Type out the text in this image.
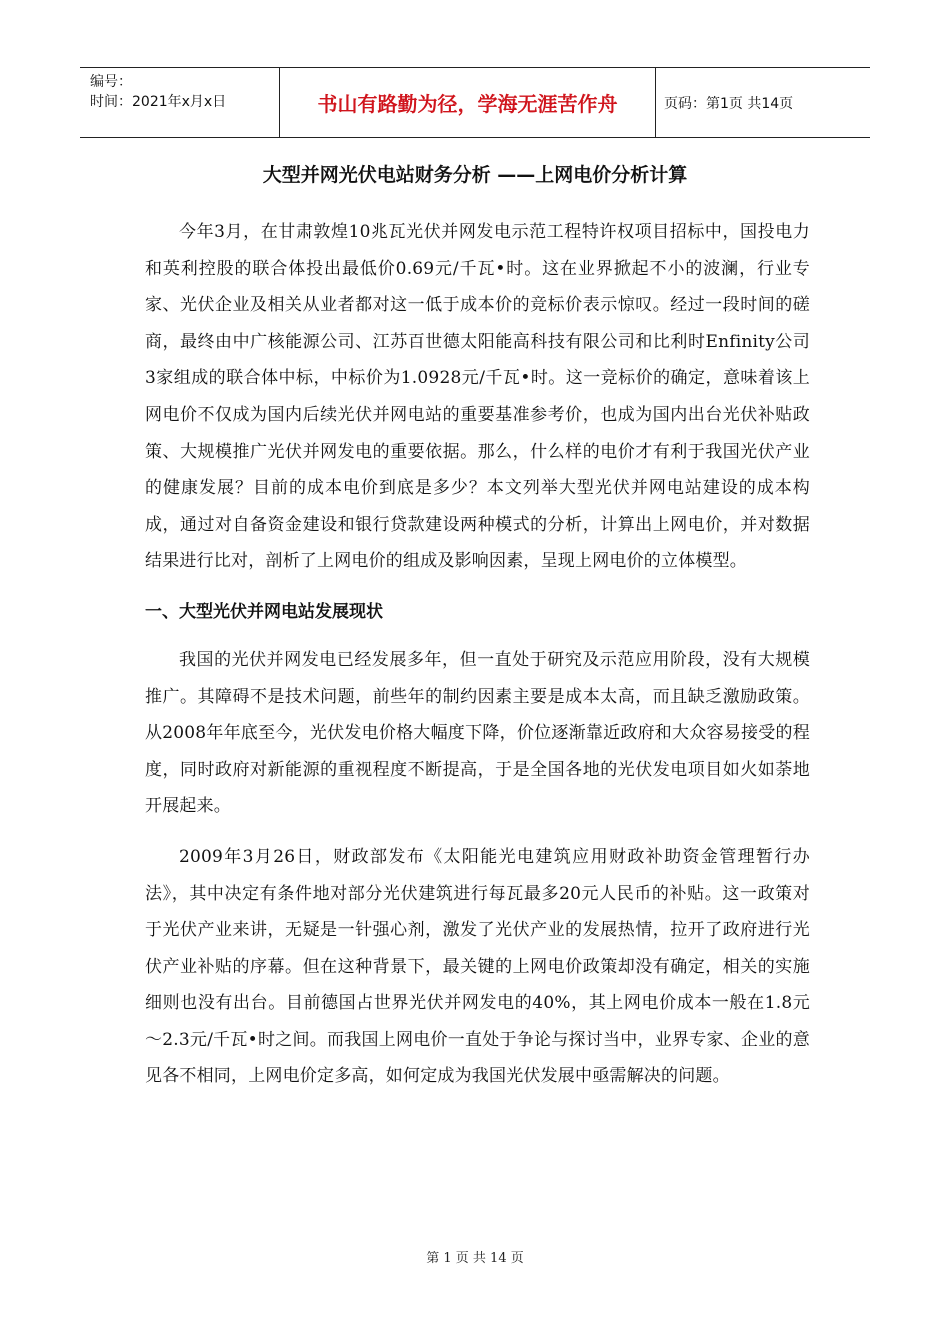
编号：
时间：2021年x月x日	书山有路勤为径，学海无涯苦作舟	页码：第1页 共14页
大型并网光伏电站财务分析 ——上网电价分析计算

今年3月，在甘肃敦煌10兆瓦光伏并网发电示范工程特许权项目招标中，国投电力和英利控股的联合体投出最低价0.69元/千瓦•时。这在业界掀起不小的波澜，行业专家、光伏企业及相关从业者都对这一低于成本价的竞标价表示惊叹。经过一段时间的磋商，最终由中广核能源公司、江苏百世德太阳能高科技有限公司和比利时Enfinity公司3家组成的联合体中标，中标价为1.0928元/千瓦•时。这一竞标价的确定，意味着该上网电价不仅成为国内后续光伏并网电站的重要基准参考价，也成为国内出台光伏补贴政策、大规模推广光伏并网发电的重要依据。那么，什么样的电价才有利于我国光伏产业的健康发展？目前的成本电价到底是多少？本文列举大型光伏并网电站建设的成本构成，通过对自备资金建设和银行贷款建设两种模式的分析，计算出上网电价，并对数据结果进行比对，剖析了上网电价的组成及影响因素，呈现上网电价的立体模型。

一、大型光伏并网电站发展现状

我国的光伏并网发电已经发展多年，但一直处于研究及示范应用阶段，没有大规模推广。其障碍不是技术问题，前些年的制约因素主要是成本太高，而且缺乏激励政策。从2008年年底至今，光伏发电价格大幅度下降，价位逐渐靠近政府和大众容易接受的程度，同时政府对新能源的重视程度不断提高，于是全国各地的光伏发电项目如火如荼地开展起来。

2009年3月26日，财政部发布《太阳能光电建筑应用财政补助资金管理暂行办法》，其中决定有条件地对部分光伏建筑进行每瓦最多20元人民币的补贴。这一政策对于光伏产业来讲，无疑是一针强心剂，激发了光伏产业的发展热情，拉开了政府进行光伏产业补贴的序幕。但在这种背景下，最关键的上网电价政策却没有确定，相关的实施细则也没有出台。目前德国占世界光伏并网发电的40%，其上网电价成本一般在1.8元～2.3元/千瓦•时之间。而我国上网电价一直处于争论与探讨当中，业界专家、企业的意见各不相同，上网电价定多高，如何定成为我国光伏发展中亟需解决的问题。

第 1 页 共 14 页
